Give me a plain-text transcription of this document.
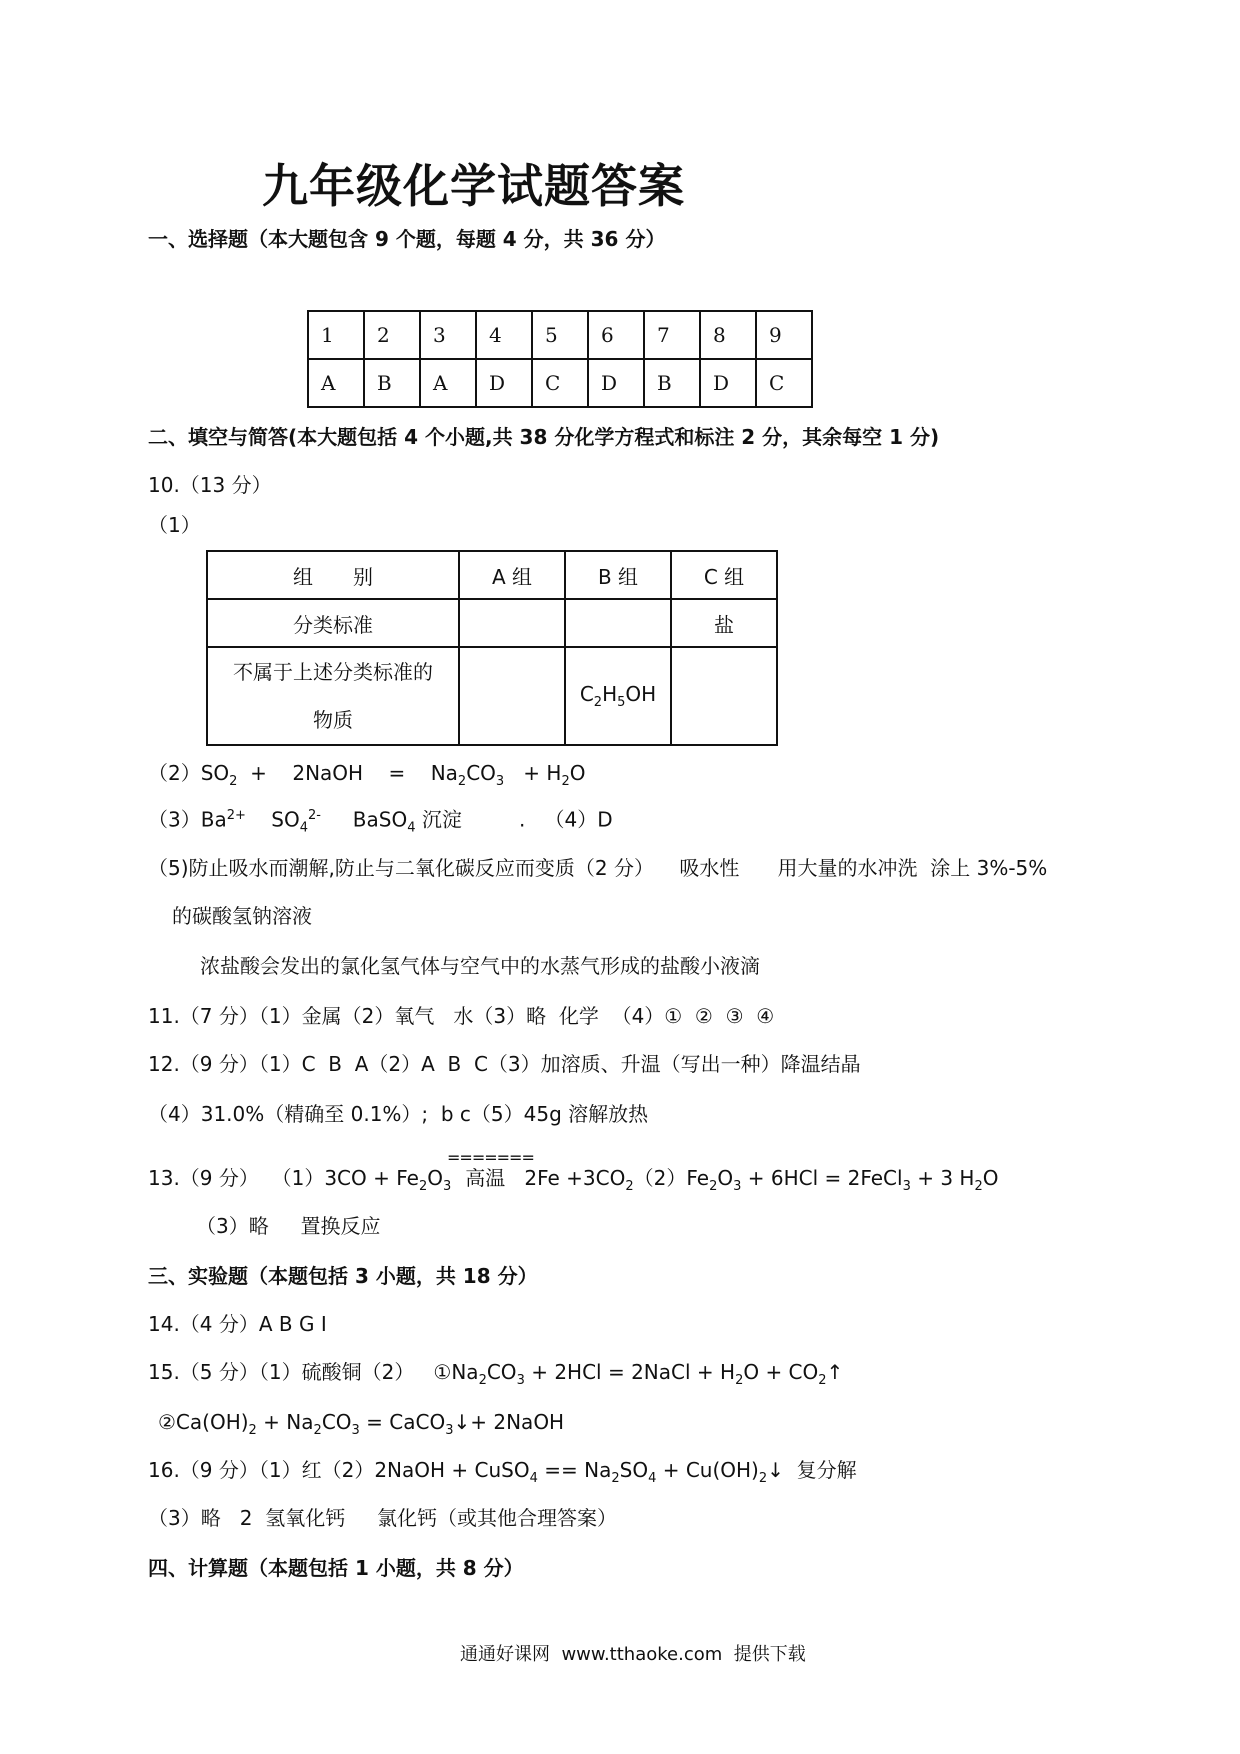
九年级化学试题答案
一、选择题（本大题包含 9 个题，每题 4 分，共 36 分）
1	2	3	4	5	6	7	8	9
A	B	A	D	C	D	B	D	C
二、填空与简答(本大题包括 4 个小题,共 38 分化学方程式和标注 2 分，其余每空 1 分)
10.（13 分）
（1）
组　　别	A 组	B 组	C 组
分类标准			盐

不属于上述分类标准的
物质		$C_2H_5OH$	
$(2)SO_2$  +    2NaOH    =    $Na_2CO_3 + H_2O$
$(3)Ba^{2+}$    $SO_4^{2-}$     BaSO$_4$ 沉淀         .   （4）D
（5)防止吸水而潮解,防止与二氧化碳反应而变质（2 分）    吸水性      用大量的水冲洗  涂上 3%-5%
的碳酸氢钠溶液
浓盐酸会发出的氯化氢气体与空气中的水蒸气形成的盐酸小液滴
11.（7 分）（1）金属（2）氧气   水（3）略  化学  （4）①  ②  ③  ④
12.（9 分）（1）C  B  A（2）A  B  C（3）加溶质、升温（写出一种）降温结晶
（4）31.0%（精确至 0.1%）;  b c（5）45g 溶解放热
=======
13.（9 分）  $(1)3CO + Fe_2O_3$ 高温   $2Fe +3CO_2(2)Fe_2O_3 + 6HCl$ = 2FeCl$_3$ + 3 $H_2O$
（3）略     置换反应
三、实验题（本题包括 3 小题，共 18 分）
14.（4 分）A B G I
15.（5 分）（1）硫酸铜（2）   $①Na_2CO_3 + 2HCl$ = 2NaCl + $H_2O$ + $CO_2↑$
$②Ca(OH)_2 + Na_2CO_3$ = CaCO$_3$↓+ 2NaOH
16.（9 分）（1）红（2）2NaOH + CuSO$_4$ == $Na_2SO_4$ + $Cu(OH)_2↓$  复分解
（3）略   2  氢氧化钙     氯化钙（或其他合理答案）
四、计算题（本题包括 1 小题，共 8 分）
通通好课网  www.tthaoke.com  提供下载
